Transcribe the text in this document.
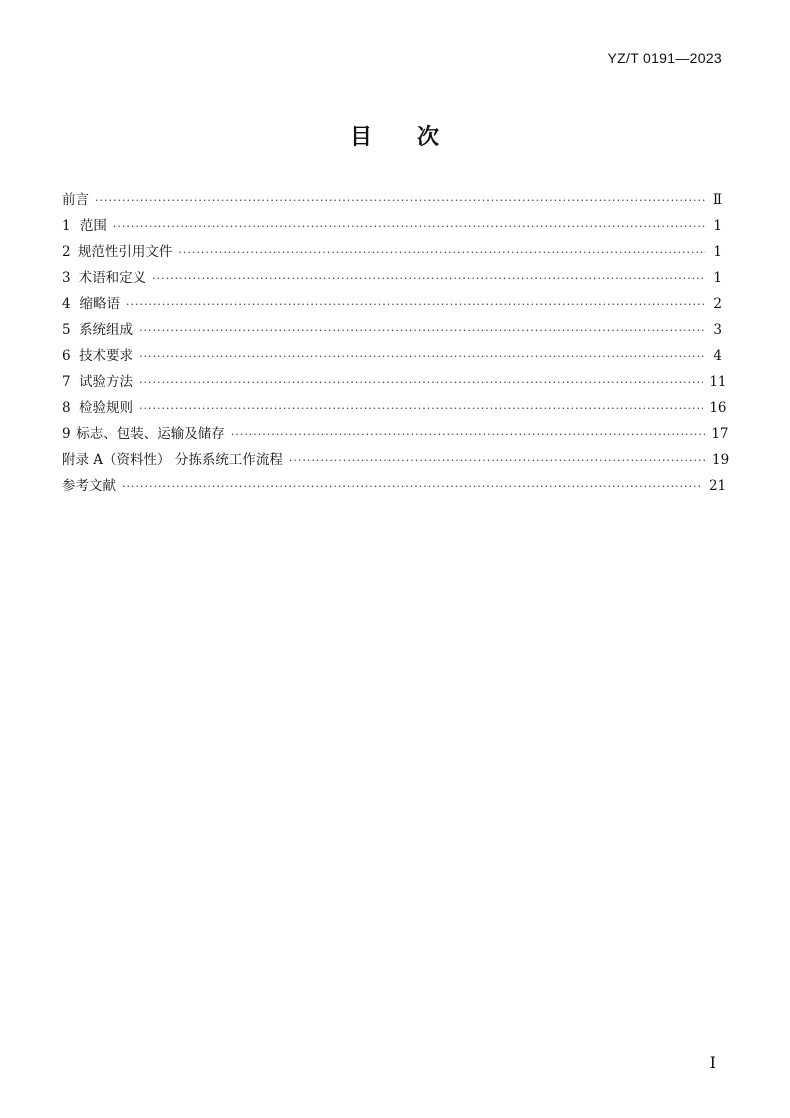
YZ/T 0191—2023
目 次
前言 ·····	Ⅱ
1 范围 ·····	1
2 规范性引用文件 ·····	1
3 术语和定义 ·····	1
4 缩略语 ·····	2
5 系统组成 ·····	3
6 技术要求 ·····	4
7 试验方法 ·····	11
8 检验规则 ·····	16
9 标志、包装、运输及储存 ·····	17
附录 A（资料性） 分拣系统工作流程 ·····	19
参考文献 ·····	21
I
